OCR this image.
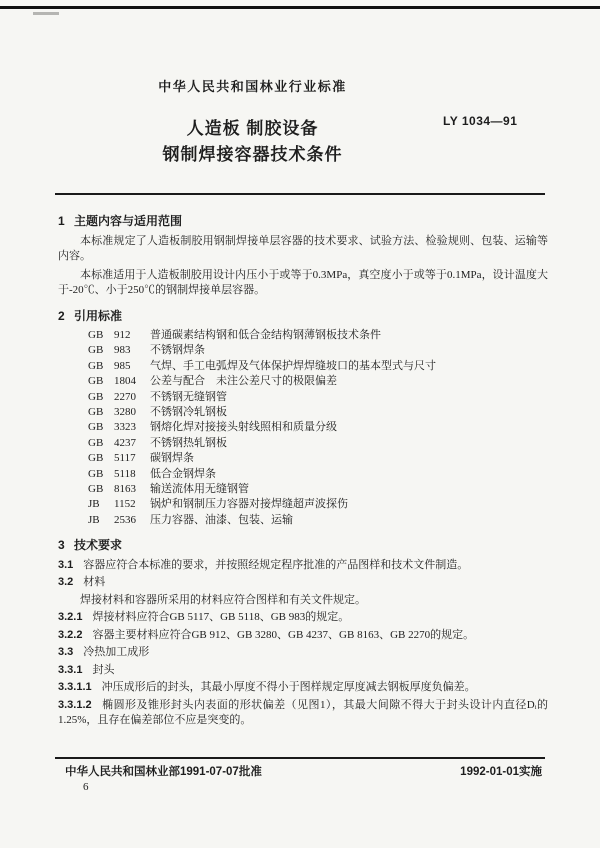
中华人民共和国林业行业标准
人造板 制胶设备
钢制焊接容器技术条件
LY 1034—91
1 主题内容与适用范围

本标准规定了人造板制胶用钢制焊接单层容器的技术要求、试验方法、检验规则、包装、运输等内容。

本标准适用于人造板制胶用设计内压小于或等于0.3MPa，真空度小于或等于0.1MPa，设计温度大于-20℃、小于250℃的钢制焊接单层容器。

2 引用标准
GB 912	普通碳素结构钢和低合金结构钢薄钢板技术条件
GB 983	不锈钢焊条
GB 985	气焊、手工电弧焊及气体保护焊焊缝坡口的基本型式与尺寸
GB 1804	公差与配合　未注公差尺寸的极限偏差
GB 2270	不锈钢无缝钢管
GB 3280	不锈钢冷轧钢板
GB 3323	钢熔化焊对接接头射线照相和质量分级
GB 4237	不锈钢热轧钢板
GB 5117	碳钢焊条
GB 5118	低合金钢焊条
GB 8163	输送流体用无缝钢管
JB	1152	锅炉和钢制压力容器对接焊缝超声波探伤
JB	2536	压力容器、油漆、包装、运输
3 技术要求

3.1 容器应符合本标准的要求，并按照经规定程序批准的产品图样和技术文件制造。

3.2 材料

焊接材料和容器所采用的材料应符合图样和有关文件规定。

3.2.1 焊接材料应符合GB 5117、GB 5118、GB 983的规定。

3.2.2 容器主要材料应符合GB 912、GB 3280、GB 4237、GB 8163、GB 2270的规定。

3.3 冷热加工成形

3.3.1 封头

3.3.1.1 冲压成形后的封头，其最小厚度不得小于图样规定厚度减去钢板厚度负偏差。

3.3.1.2 椭圆形及锥形封头内表面的形状偏差（见图1），其最大间隙不得大于封头设计内直径Dᵢ的1.25%，且存在偏差部位不应是突变的。

中华人民共和国林业部1991-07-07批准	1992-01-01实施
6
